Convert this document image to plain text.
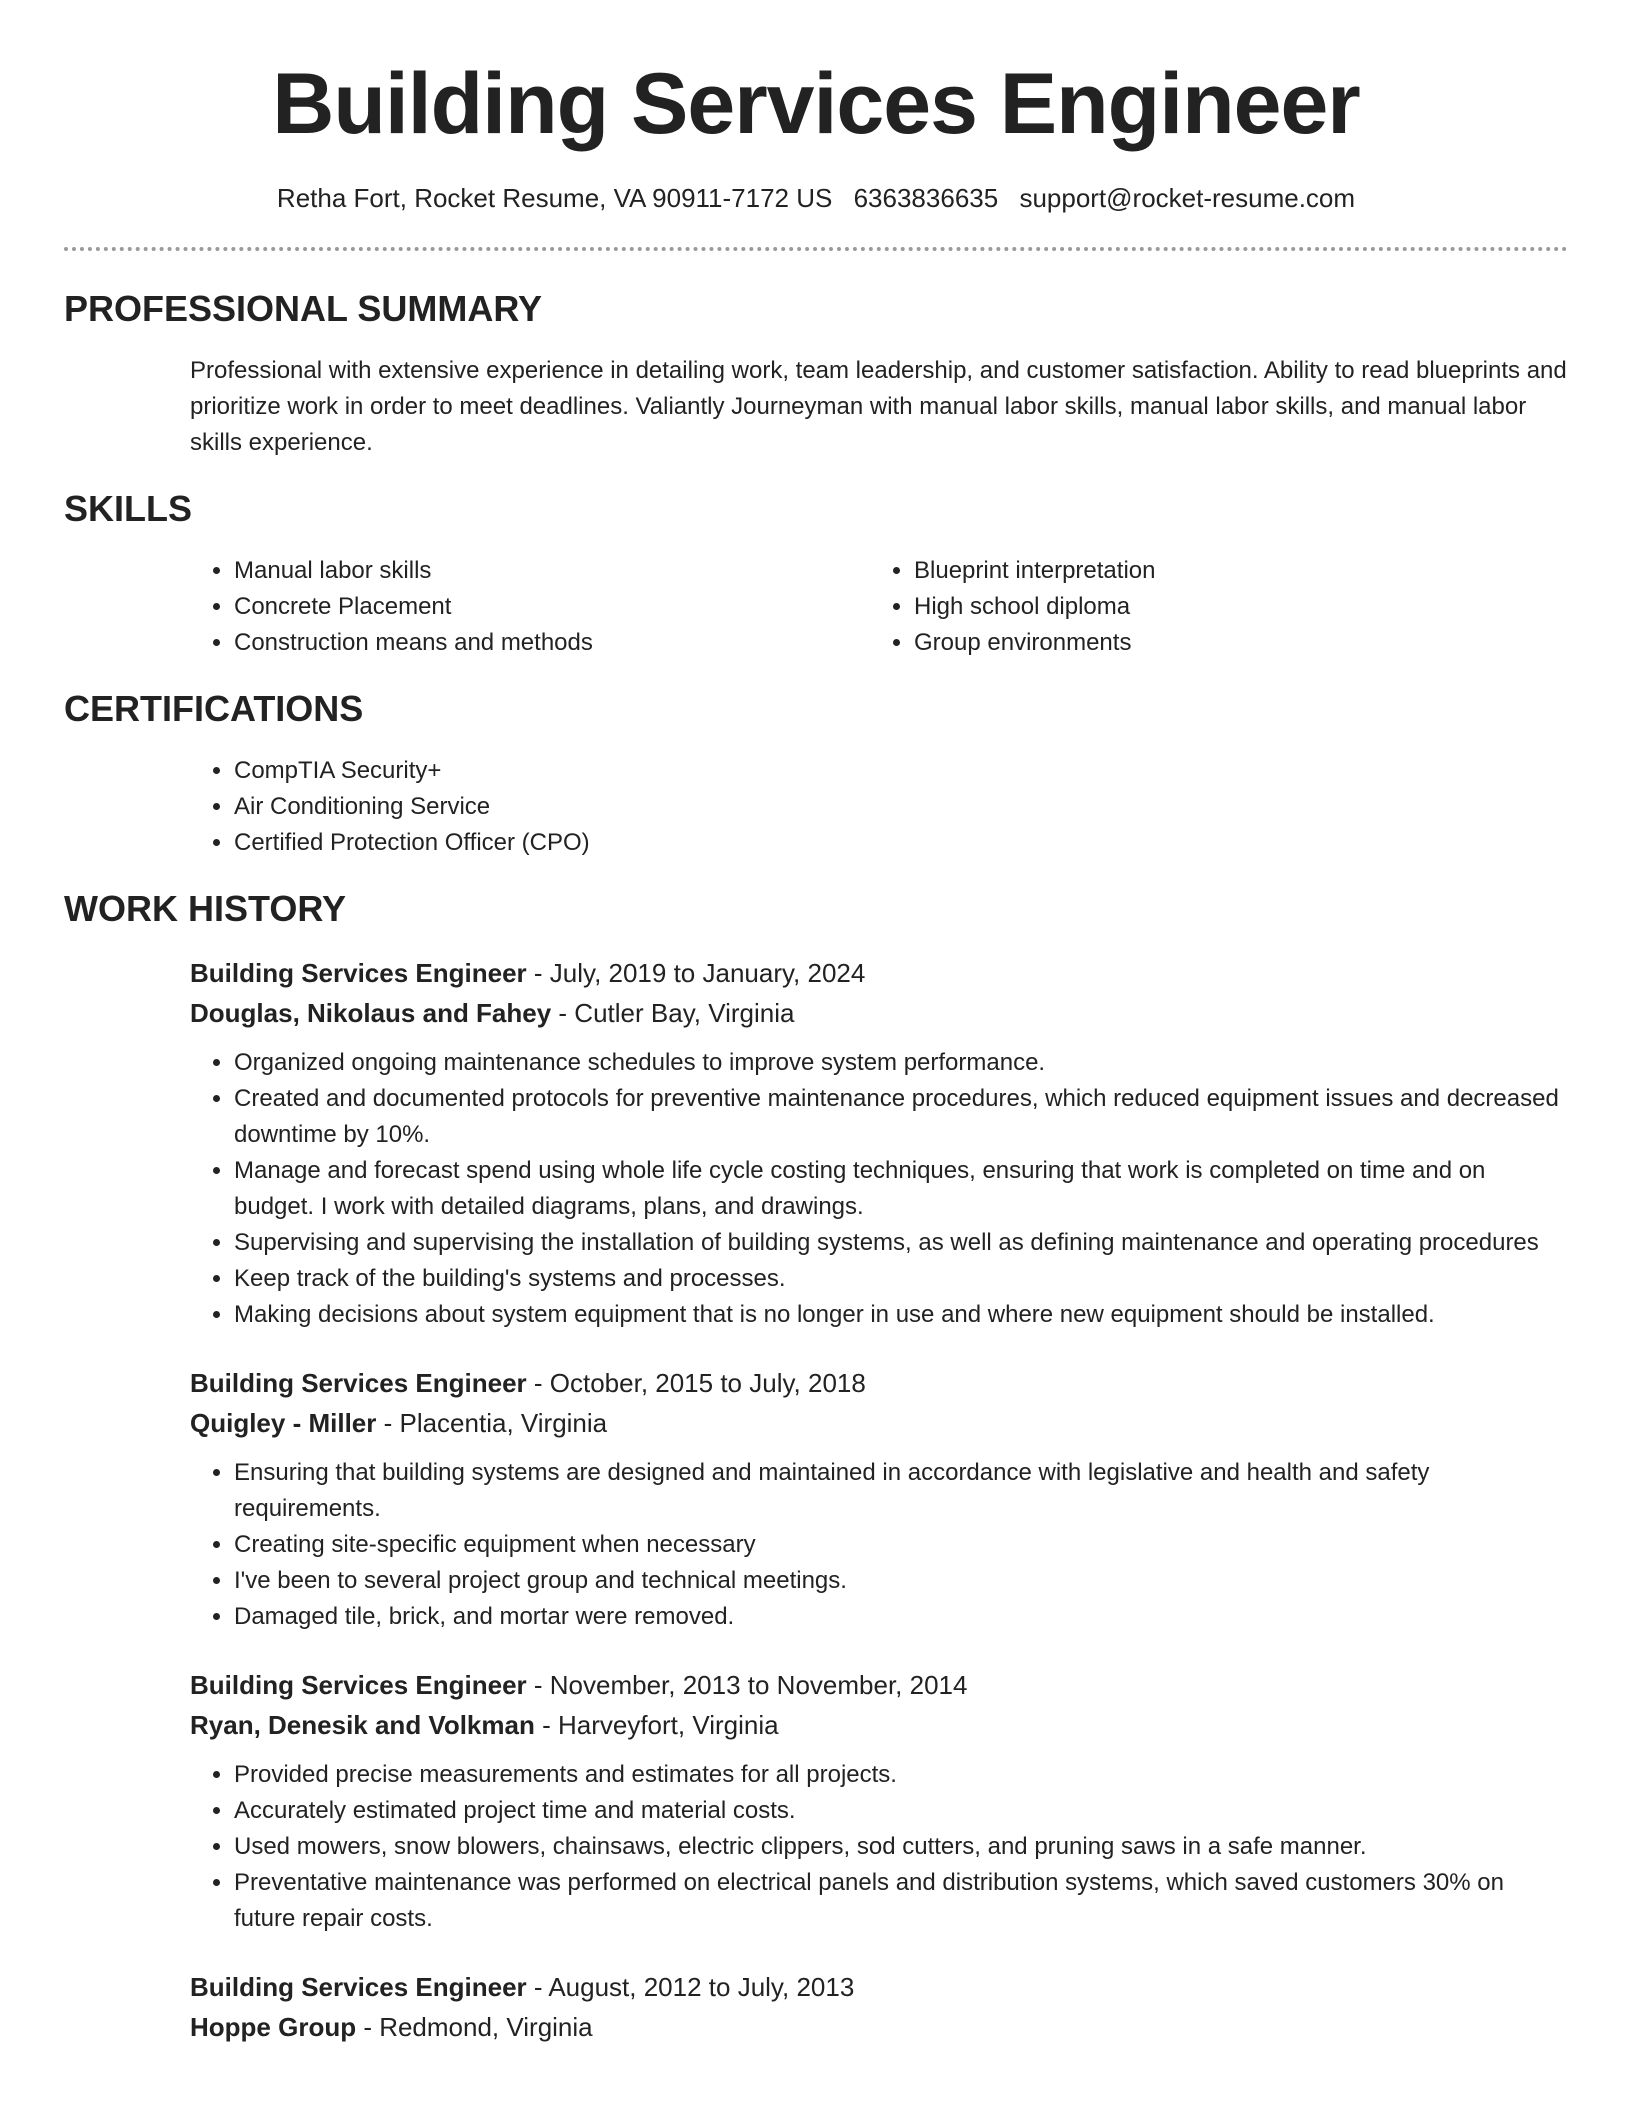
Building Services Engineer
Retha Fort, Rocket Resume, VA 90911-7172 US 6363836635 support@rocket-resume.com
PROFESSIONAL SUMMARY

Professional with extensive experience in detailing work, team leadership, and customer satisfaction. Ability to read blueprints and prioritize work in order to meet deadlines. Valiantly Journeyman with manual labor skills, manual labor skills, and manual labor skills experience.

SKILLS
• Manual labor skills
• Concrete Placement
• Construction means and methods
• Blueprint interpretation
• High school diploma
• Group environments
CERTIFICATIONS
• CompTIA Security+
• Air Conditioning Service
• Certified Protection Officer (CPO)
WORK HISTORY
Building Services Engineer - July, 2019 to January, 2024
Douglas, Nikolaus and Fahey - Cutler Bay, Virginia
• Organized ongoing maintenance schedules to improve system performance.
• Created and documented protocols for preventive maintenance procedures, which reduced equipment issues and decreased downtime by 10%.
• Manage and forecast spend using whole life cycle costing techniques, ensuring that work is completed on time and on budget. I work with detailed diagrams, plans, and drawings.
• Supervising and supervising the installation of building systems, as well as defining maintenance and operating procedures
• Keep track of the building's systems and processes.
• Making decisions about system equipment that is no longer in use and where new equipment should be installed.
Building Services Engineer - October, 2015 to July, 2018
Quigley - Miller - Placentia, Virginia
• Ensuring that building systems are designed and maintained in accordance with legislative and health and safety requirements.
• Creating site-specific equipment when necessary
• I've been to several project group and technical meetings.
• Damaged tile, brick, and mortar were removed.
Building Services Engineer - November, 2013 to November, 2014
Ryan, Denesik and Volkman - Harveyfort, Virginia
• Provided precise measurements and estimates for all projects.
• Accurately estimated project time and material costs.
• Used mowers, snow blowers, chainsaws, electric clippers, sod cutters, and pruning saws in a safe manner.
• Preventative maintenance was performed on electrical panels and distribution systems, which saved customers 30% on future repair costs.
Building Services Engineer - August, 2012 to July, 2013
Hoppe Group - Redmond, Virginia
